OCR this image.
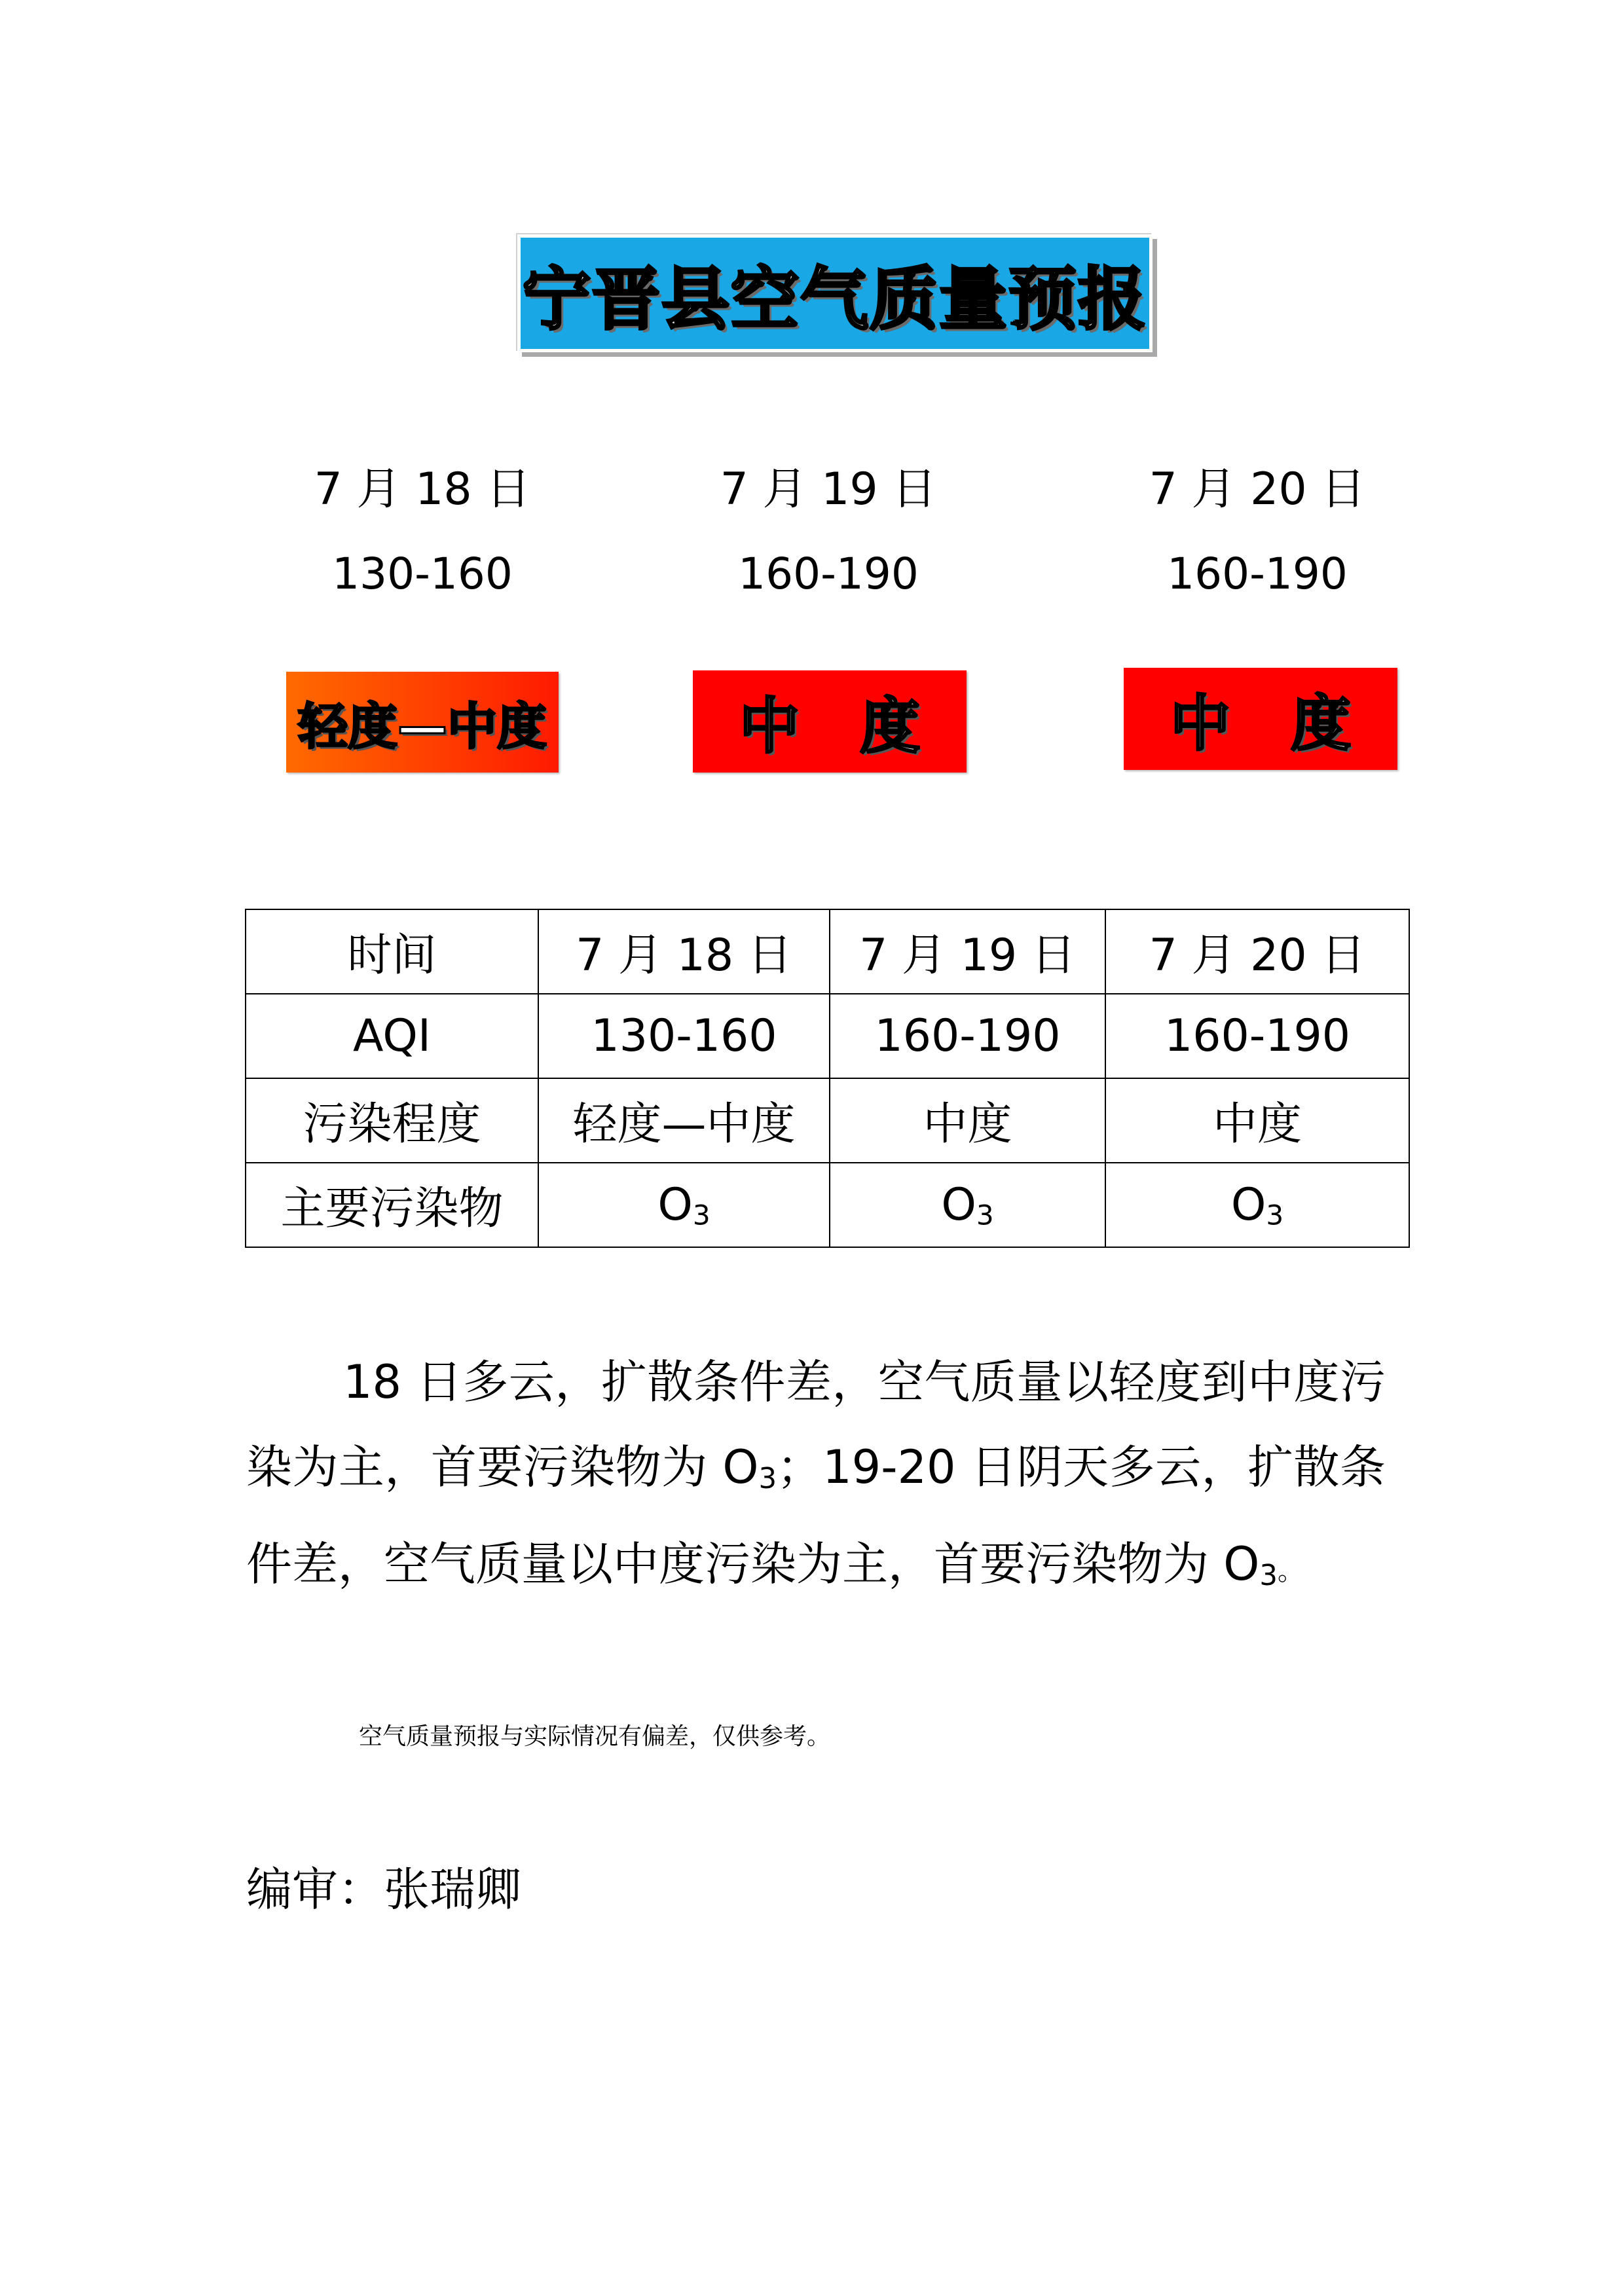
宁晋县空气质量预报
7 月 18 日
130-160
7 月 19 日
160-190
7 月 20 日
160-190
轻度—中度	中　度	中　度
时间	7 月 18 日	7 月 19 日	7 月 20 日
AQI	130-160	160-190	160-190
污染程度	轻度—中度	中度	中度
主要污染物	$O_3$	$O_3$	$O_3$
18 日多云，扩散条件差，空气质量以轻度到中度污染为主，首要污染物为 $O_3$；19-20 日阴天多云，扩散条件差，空气质量以中度污染为主，首要污染物为 $O_3$。
空气质量预报与实际情况有偏差，仅供参考。
编审：张瑞卿
